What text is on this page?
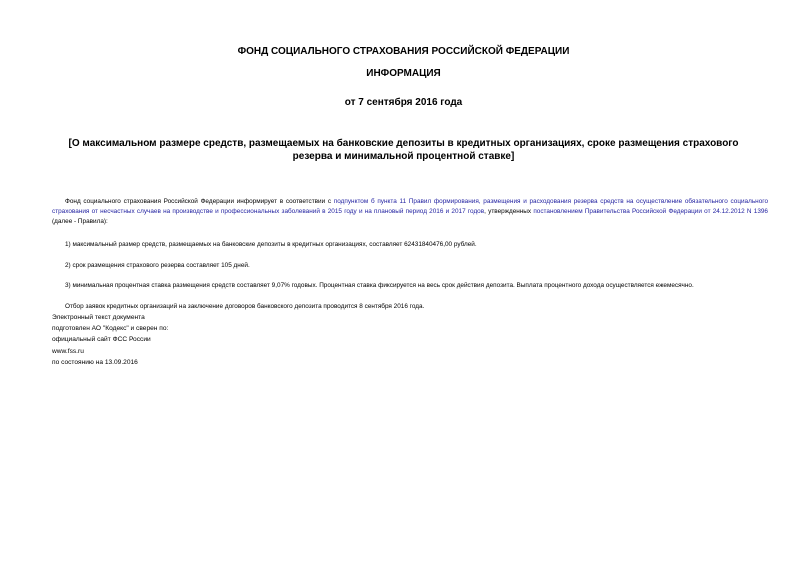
ФОНД СОЦИАЛЬНОГО СТРАХОВАНИЯ РОССИЙСКОЙ ФЕДЕРАЦИИ
ИНФОРМАЦИЯ
от 7 сентября 2016 года
[О максимальном размере средств, размещаемых на банковские депозиты в кредитных организациях, сроке размещения страхового резерва и минимальной процентной ставке]
Фонд социального страхования Российской Федерации информирует в соответствии с подпунктом б пункта 11 Правил формирования, размещения и расходования резерва средств на осуществление обязательного социального страхования от несчастных случаев на производстве и профессиональных заболеваний в 2015 году и на плановый период 2016 и 2017 годов, утвержденных постановлением Правительства Российской Федерации от 24.12.2012 N 1396 (далее - Правила):
1) максимальный размер средств, размещаемых на банковские депозиты в кредитных организациях, составляет 62431840476,00 рублей.
2) срок размещения страхового резерва составляет 105 дней.
3) минимальная процентная ставка размещения средств составляет 9,07% годовых. Процентная ставка фиксируется на весь срок действия депозита. Выплата процентного дохода осуществляется ежемесячно.
Отбор заявок кредитных организаций на заключение договоров банковского депозита проводится 8 сентября 2016 года.
Электронный текст документа
подготовлен АО "Кодекс" и сверен по:
официальный сайт ФСС России
www.fss.ru
по состоянию на 13.09.2016
